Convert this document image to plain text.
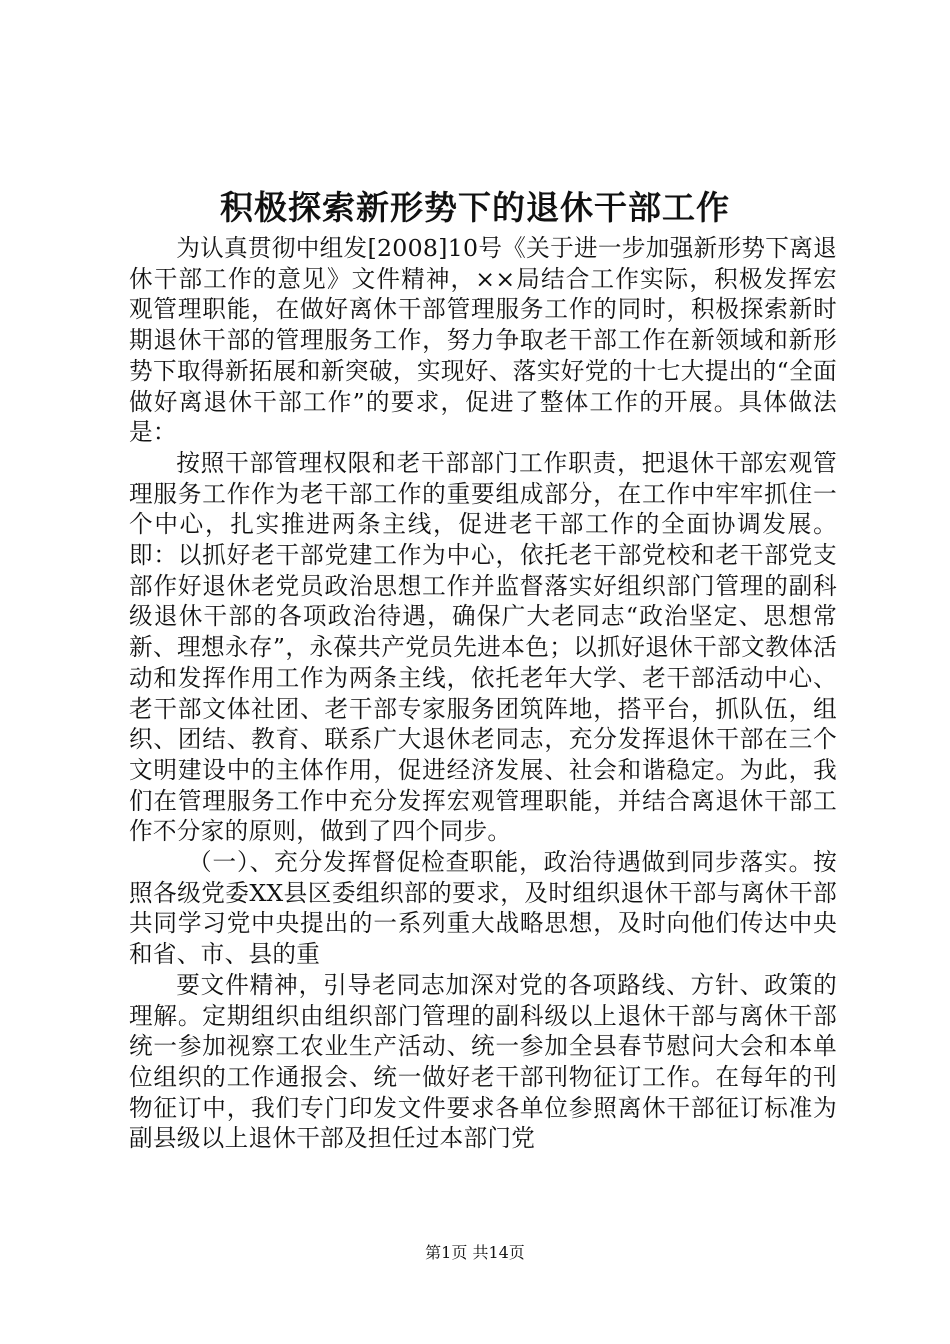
积极探索新形势下的退休干部工作

为认真贯彻中组发[2008]10号《关于进一步加强新形势下离退休干部工作的意见》文件精神，××局结合工作实际，积极发挥宏观管理职能，在做好离休干部管理服务工作的同时，积极探索新时期退休干部的管理服务工作，努力争取老干部工作在新领域和新形势下取得新拓展和新突破，实现好、落实好党的十七大提出的“全面做好离退休干部工作”的要求，促进了整体工作的开展。具体做法是：

按照干部管理权限和老干部部门工作职责，把退休干部宏观管理服务工作作为老干部工作的重要组成部分，在工作中牢牢抓住一个中心，扎实推进两条主线，促进老干部工作的全面协调发展。即：以抓好老干部党建工作为中心，依托老干部党校和老干部党支部作好退休老党员政治思想工作并监督落实好组织部门管理的副科级退休干部的各项政治待遇，确保广大老同志“政治坚定、思想常新、理想永存”，永葆共产党员先进本色；以抓好退休干部文教体活动和发挥作用工作为两条主线，依托老年大学、老干部活动中心、老干部文体社团、老干部专家服务团筑阵地，搭平台，抓队伍，组织、团结、教育、联系广大退休老同志，充分发挥退休干部在三个文明建设中的主体作用，促进经济发展、社会和谐稳定。为此，我们在管理服务工作中充分发挥宏观管理职能，并结合离退休干部工作不分家的原则，做到了四个同步。

（一）、充分发挥督促检查职能，政治待遇做到同步落实。按照各级党委XX县区委组织部的要求，及时组织退休干部与离休干部共同学习党中央提出的一系列重大战略思想，及时向他们传达中央和省、市、县的重

要文件精神，引导老同志加深对党的各项路线、方针、政策的理解。定期组织由组织部门管理的副科级以上退休干部与离休干部统一参加视察工农业生产活动、统一参加全县春节慰问大会和本单位组织的工作通报会、统一做好老干部刊物征订工作。在每年的刊物征订中，我们专门印发文件要求各单位参照离休干部征订标准为副县级以上退休干部及担任过本部门党

第1页 共14页
